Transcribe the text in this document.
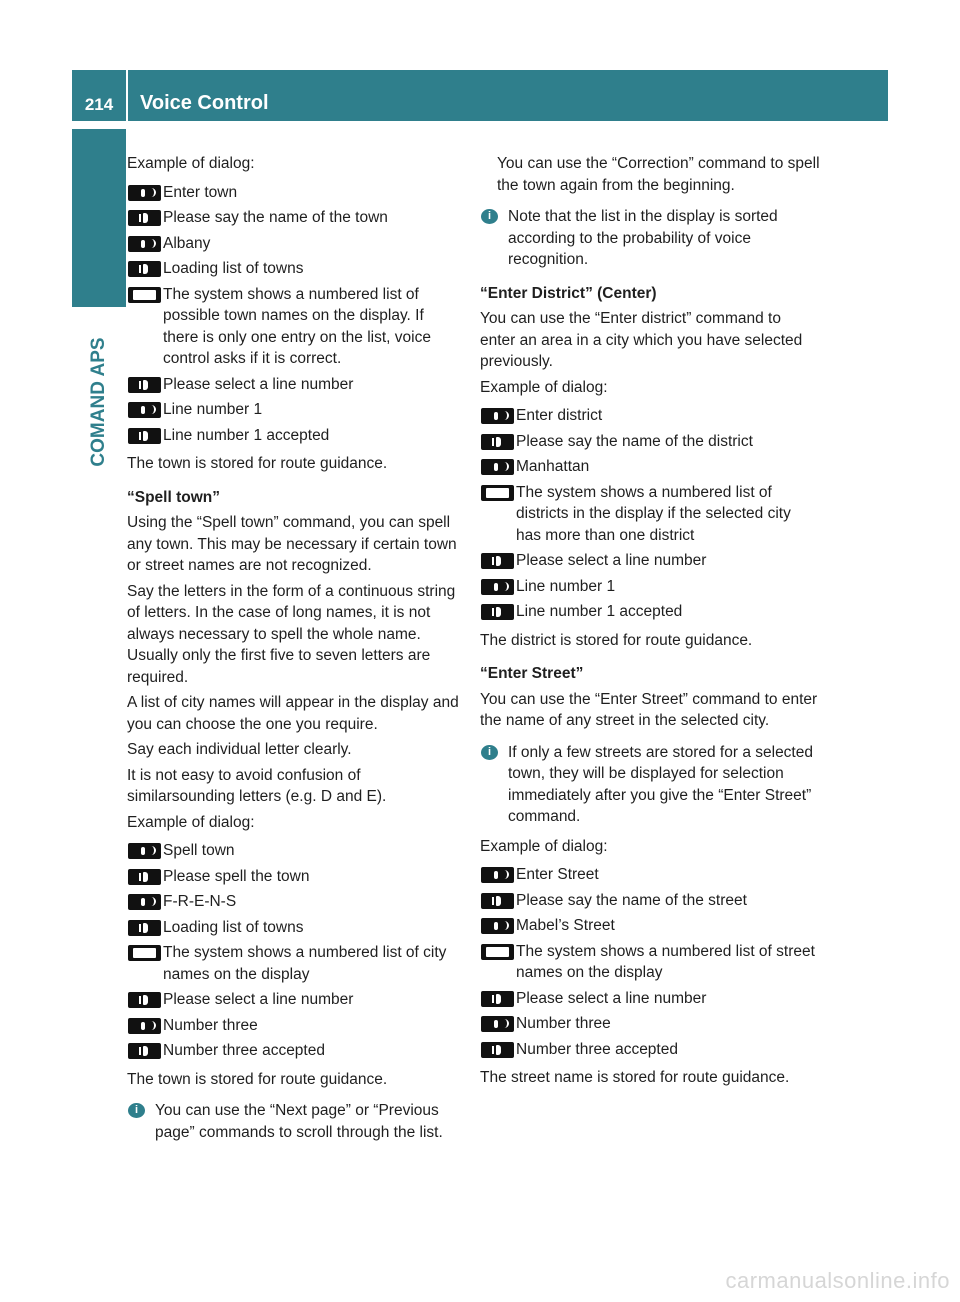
214	Voice Control
COMAND APS

Example of dialog:

Enter town
Please say the name of the town
Albany
Loading list of towns
The system shows a numbered list of possible town names on the display. If there is only one entry on the list, voice control asks if it is correct.
Please select a line number
Line number 1
Line number 1 accepted

The town is stored for route guidance.

“Spell town”

Using the “Spell town” command, you can spell any town. This may be necessary if certain town or street names are not recognized.

Say the letters in the form of a continuous string of letters. In the case of long names, it is not always necessary to spell the whole name. Usually only the first five to seven letters are required.

A list of city names will appear in the display and you can choose the one you require.

Say each individual letter clearly.

It is not easy to avoid confusion of similarsounding letters (e.g. D and E).

Example of dialog:

Spell town
Please spell the town
F-R-E-N-S
Loading list of towns
The system shows a numbered list of city names on the display
Please select a line number
Number three
Number three accepted

The town is stored for route guidance.

i	You can use the “Next page” or “Previous page” commands to scroll through the list.

You can use the “Correction” command to spell the town again from the beginning.

i	Note that the list in the display is sorted according to the probability of voice recognition.

“Enter District” (Center)

You can use the “Enter district” command to enter an area in a city which you have selected previously.

Example of dialog:

Enter district
Please say the name of the district
Manhattan
The system shows a numbered list of districts in the display if the selected city has more than one district
Please select a line number
Line number 1
Line number 1 accepted

The district is stored for route guidance.

“Enter Street”

You can use the “Enter Street” command to enter the name of any street in the selected city.

i	If only a few streets are stored for a selected town, they will be displayed for selection immediately after you give the “Enter Street” command.

Example of dialog:

Enter Street
Please say the name of the street
Mabel’s Street
The system shows a numbered list of street names on the display
Please select a line number
Number three
Number three accepted

The street name is stored for route guidance.

carmanualsonline.info
